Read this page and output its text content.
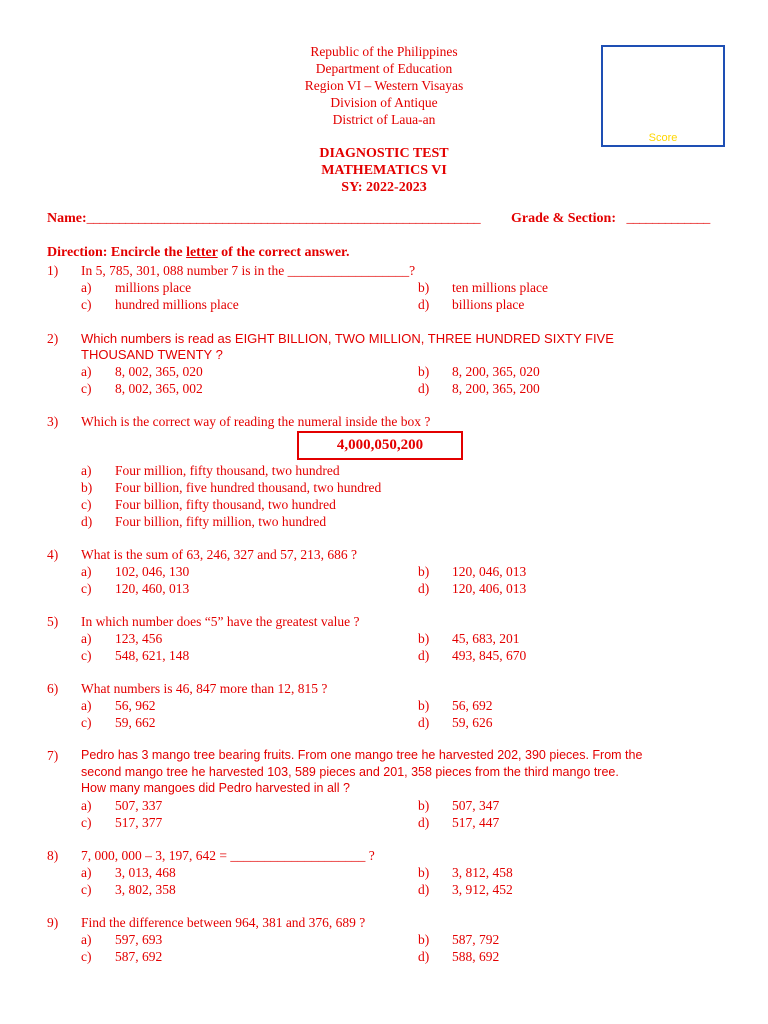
Republic of the Philippines
Department of Education
Region VI – Western Visayas
Division of Antique
District of Laua-an
DIAGNOSTIC TEST
MATHEMATICS VI
SY: 2022-2023
Score
Name:_____________________________________________________________ Grade & Section: _____________
Direction: Encircle the letter of the correct answer.
1) In 5, 785, 301, 088 number 7 is in the __________________?
a) millions place	b) ten millions place
c) hundred millions place	d) billions place
2) Which numbers is read as EIGHT BILLION, TWO MILLION, THREE HUNDRED SIXTY FIVE
THOUSAND TWENTY ?
a) 8, 002, 365, 020	b) 8, 200, 365, 020
c) 8, 002, 365, 002	d) 8, 200, 365, 200
3) Which is the correct way of reading the numeral inside the box ?
4,000,050,200
a) Four million, fifty thousand, two hundred
b) Four billion, five hundred thousand, two hundred
c) Four billion, fifty thousand, two hundred
d) Four billion, fifty million, two hundred
4) What is the sum of 63, 246, 327 and 57, 213, 686 ?
a) 102, 046, 130	b) 120, 046, 013
c) 120, 460, 013	d) 120, 406, 013
5) In which number does “5” have the greatest value ?
a) 123, 456	b) 45, 683, 201
c) 548, 621, 148	d) 493, 845, 670
6) What numbers is 46, 847 more than 12, 815 ?
a) 56, 962	b) 56, 692
c) 59, 662	d) 59, 626
7) Pedro has 3 mango tree bearing fruits. From one mango tree he harvested 202, 390 pieces. From the
second mango tree he harvested 103, 589 pieces and 201, 358 pieces from the third mango tree.
How many mangoes did Pedro harvested in all ?
a) 507, 337	b) 507, 347
c) 517, 377	d) 517, 447
8) 7, 000, 000 – 3, 197, 642 = ____________________ ?
a) 3, 013, 468	b) 3, 812, 458
c) 3, 802, 358	d) 3, 912, 452
9) Find the difference between 964, 381 and 376, 689 ?
a) 597, 693	b) 587, 792
c) 587, 692	d) 588, 692
